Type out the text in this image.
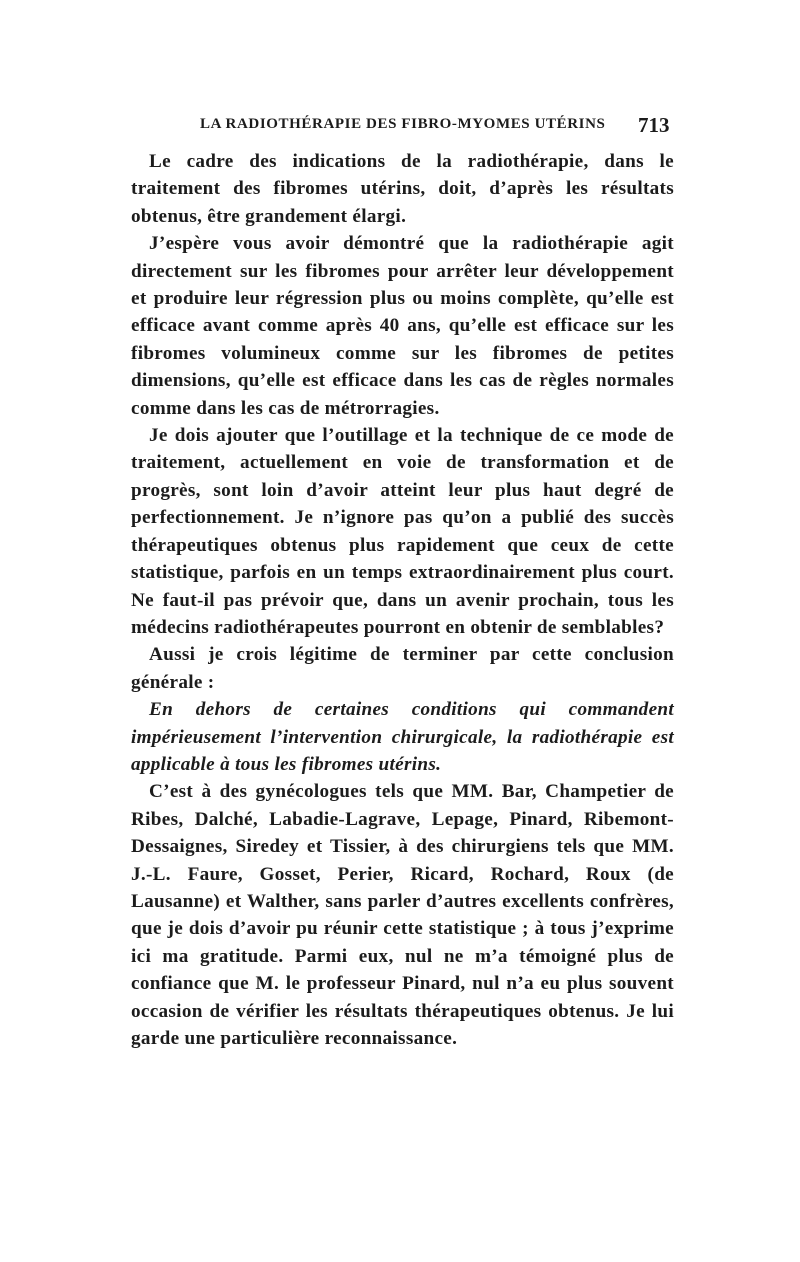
LA RADIOTHÉRAPIE DES FIBRO-MYOMES UTÉRINS 713

Le cadre des indications de la radiothérapie, dans le traitement des fibromes utérins, doit, d’après les résultats obtenus, être grandement élargi.

J’espère vous avoir démontré que la radiothérapie agit directement sur les fibromes pour arrêter leur développement et produire leur régression plus ou moins complète, qu’elle est efficace avant comme après 40 ans, qu’elle est efficace sur les fibromes volumineux comme sur les fibromes de petites dimensions, qu’elle est efficace dans les cas de règles normales comme dans les cas de métrorragies.

Je dois ajouter que l’outillage et la technique de ce mode de traitement, actuellement en voie de transformation et de progrès, sont loin d’avoir atteint leur plus haut degré de perfectionnement. Je n’ignore pas qu’on a publié des succès thérapeutiques obtenus plus rapidement que ceux de cette statistique, parfois en un temps extraordinairement plus court. Ne faut-il pas prévoir que, dans un avenir prochain, tous les médecins radiothérapeutes pourront en obtenir de semblables?

Aussi je crois légitime de terminer par cette conclusion générale :

En dehors de certaines conditions qui commandent impérieusement l’intervention chirurgicale, la radiothérapie est applicable à tous les fibromes utérins.

C’est à des gynécologues tels que MM. Bar, Champetier de Ribes, Dalché, Labadie-Lagrave, Lepage, Pinard, Ribemont-Dessaignes, Siredey et Tissier, à des chirurgiens tels que MM. J.-L. Faure, Gosset, Perier, Ricard, Rochard, Roux (de Lausanne) et Walther, sans parler d’autres excellents confrères, que je dois d’avoir pu réunir cette statistique ; à tous j’exprime ici ma gratitude. Parmi eux, nul ne m’a témoigné plus de confiance que M. le professeur Pinard, nul n’a eu plus souvent occasion de vérifier les résultats thérapeutiques obtenus. Je lui garde une particulière reconnaissance.
